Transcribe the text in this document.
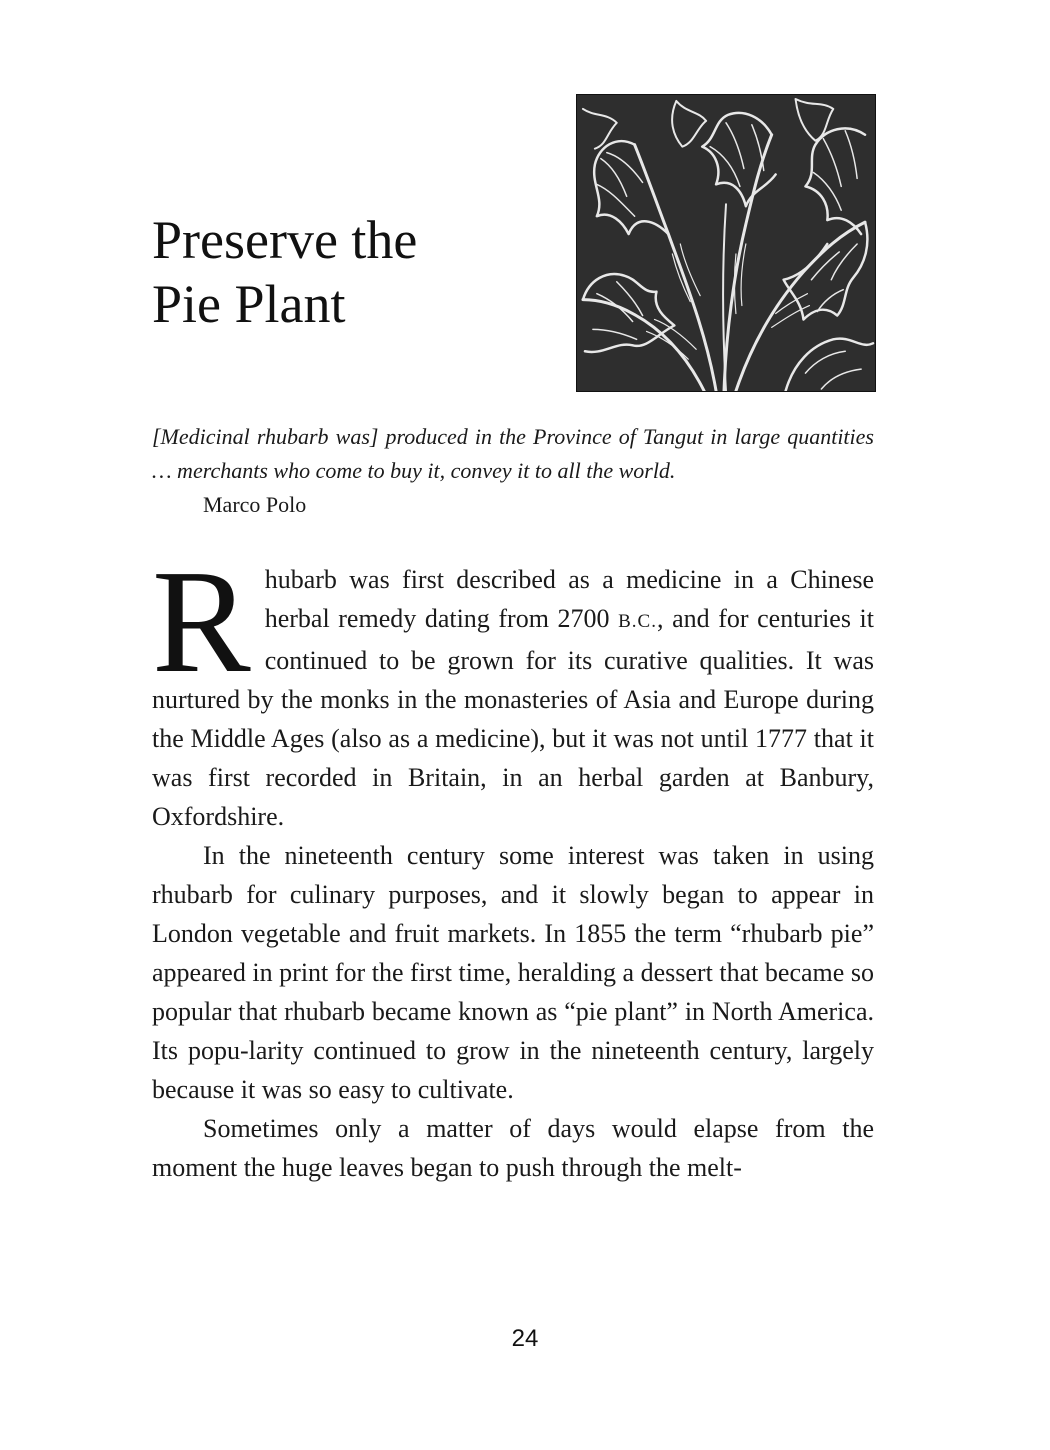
Preserve the
Pie Plant

[Medicinal rhubarb was] produced in the Province of Tangut in large quantities … merchants who come to buy it, convey it to all the world.

Marco Polo

Rhubarb was first described as a medicine in a Chinese herbal remedy dating from 2700 B.C., and for centuries it continued to be grown for its curative qualities. It was nurtured by the monks in the monasteries of Asia and Europe during the Middle Ages (also as a medicine), but it was not until 1777 that it was first recorded in Britain, in an herbal garden at Banbury, Oxfordshire.

In the nineteenth century some interest was taken in using rhubarb for culinary purposes, and it slowly began to appear in London vegetable and fruit markets. In 1855 the term “rhubarb pie” appeared in print for the first time, heralding a dessert that became so popular that rhubarb became known as “pie plant” in North America. Its popu-larity continued to grow in the nineteenth century, largely because it was so easy to cultivate.

Sometimes only a matter of days would elapse from the moment the huge leaves began to push through the melt-

24
